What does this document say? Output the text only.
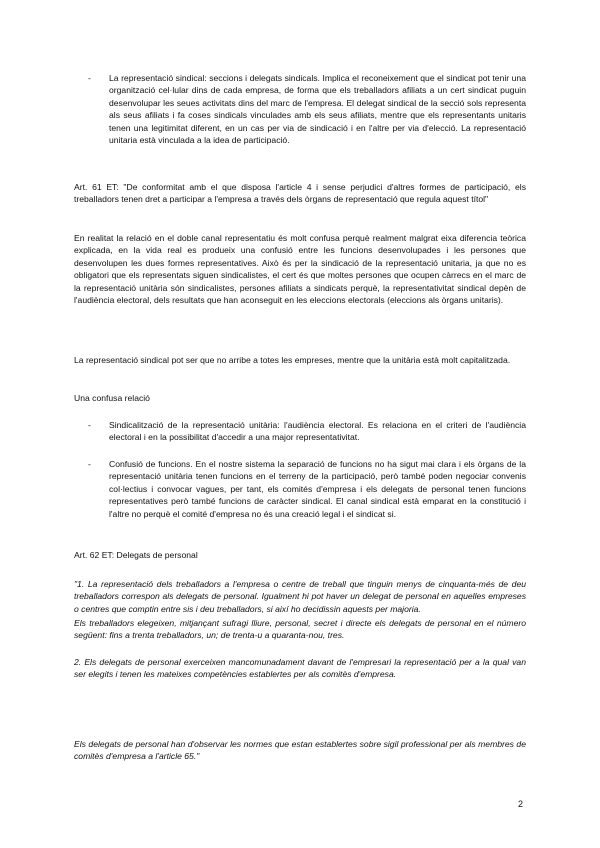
-	La representació sindical: seccions i delegats sindicals. Implica el reconeixement que el sindicat pot tenir una organització cel·lular dins de cada empresa, de forma que els treballadors afiliats a un cert sindicat puguin desenvolupar les seues activitats dins del marc de l'empresa. El delegat sindical de la secció sols representa als seus afiliats i fa coses sindicals vinculades amb els seus afiliats, mentre que els representants unitaris tenen una legitimitat diferent, en un cas per via de sindicació i en l'altre per via d'elecció. La representació unitaria està vinculada a la idea de participació.

Art. 61 ET: "De conformitat amb el que disposa l'article 4 i sense perjudici d'altres formes de participació, els treballadors tenen dret a participar a l'empresa a través dels òrgans de representació que regula aquest títol"

En realitat la relació en el doble canal representatiu és molt confusa perquè realment malgrat eixa diferencia teòrica explicada, en la vida real es produeix una confusió entre les funcions desenvolupades i les persones que desenvolupen les dues formes representatives. Això és per la sindicació de la representació unitaria, ja que no es obligatori que els representats siguen sindicalistes, el cert és que moltes persones que ocupen càrrecs en el marc de la representació unitària són sindicalistes, persones afiliats a sindicats perquè, la representativitat sindical depèn de l'audiència electoral, dels resultats que han aconseguit en les eleccions electorals (eleccions als òrgans unitaris).

La representació sindical pot ser que no arribe a totes les empreses, mentre que la unitària està molt capitalitzada.

Una confusa relació

-	Sindicalització de la representació unitària: l'audiència electoral. Es relaciona en el criteri de l'audiència electoral i en la possibilitat d'accedir a una major representativitat.
-	Confusió de funcions. En el nostre sistema la separació de funcions no ha sigut mai clara i els òrgans de la representació unitària tenen funcions en el terreny de la participació, però també poden negociar convenis col·lectius i convocar vagues, per tant, els comités d'empresa i els delegats de personal tenen funcions representatives però també funcions de caràcter sindical. El canal sindical està emparat en la constitució i l'altre no perquè el comité d'empresa no és una creació legal i el sindicat si.

Art. 62 ET: Delegats de personal

"1. La representació dels treballadors a l'empresa o centre de treball que tinguin menys de cinquanta-més de deu treballadors correspon als delegats de personal. Igualment hi pot haver un delegat de personal en aquelles empreses o centres que comptin entre sis i deu treballadors, si així ho decidissin aquests per majoria.

Els treballadors elegeixen, mitjançant sufragi lliure, personal, secret i directe els delegats de personal en el número següent: fins a trenta treballadors, un; de trenta-u a quaranta-nou, tres.

2. Els delegats de personal exerceixen mancomunadament davant de l'empresari la representació per a la qual van ser elegits i tenen les mateixes competències establertes per als comitès d'empresa.

Els delegats de personal han d'observar les normes que estan establertes sobre sigil professional per als membres de comitès d'empresa a l'article 65."

2
